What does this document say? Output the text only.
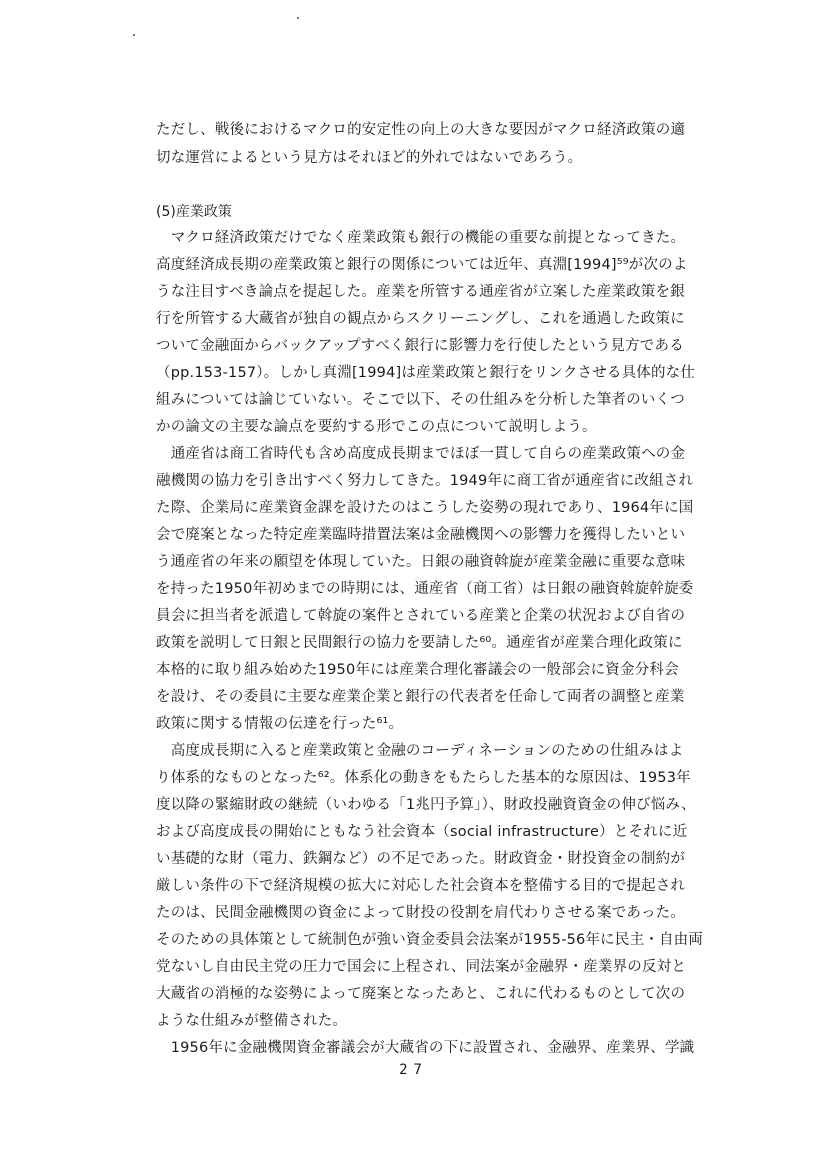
ただし、戦後におけるマクロ的安定性の向上の大きな要因がマクロ経済政策の適
切な運営によるという見方はそれほど的外れではないであろう。
(5)産業政策
　マクロ経済政策だけでなく産業政策も銀行の機能の重要な前提となってきた。
高度経済成長期の産業政策と銀行の関係については近年、真淵[1994]⁵⁹が次のよ
うな注目すべき論点を提起した。産業を所管する通産省が立案した産業政策を銀
行を所管する大蔵省が独自の観点からスクリーニングし、これを通過した政策に
ついて金融面からバックアップすべく銀行に影響力を行使したという見方である
（pp.153-157）。しかし真淵[1994]は産業政策と銀行をリンクさせる具体的な仕
組みについては論じていない。そこで以下、その仕組みを分析した筆者のいくつ
かの論文の主要な論点を要約する形でこの点について説明しよう。
　通産省は商工省時代も含め高度成長期までほぼ一貫して自らの産業政策への金
融機関の協力を引き出すべく努力してきた。1949年に商工省が通産省に改組され
た際、企業局に産業資金課を設けたのはこうした姿勢の現れであり、1964年に国
会で廃案となった特定産業臨時措置法案は金融機関への影響力を獲得したいとい
う通産省の年来の願望を体現していた。日銀の融資斡旋が産業金融に重要な意味
を持った1950年初めまでの時期には、通産省（商工省）は日銀の融資斡旋幹旋委
員会に担当者を派遣して斡旋の案件とされている産業と企業の状況および自省の
政策を説明して日銀と民間銀行の協力を要請した⁶⁰。通産省が産業合理化政策に
本格的に取り組み始めた1950年には産業合理化審議会の一般部会に資金分科会
を設け、その委員に主要な産業企業と銀行の代表者を任命して両者の調整と産業
政策に関する情報の伝達を行った⁶¹。
　高度成長期に入ると産業政策と金融のコーディネーションのための仕組みはよ
り体系的なものとなった⁶²。体系化の動きをもたらした基本的な原因は、1953年
度以降の緊縮財政の継続（いわゆる「1兆円予算」）、財政投融資資金の伸び悩み、
および高度成長の開始にともなう社会資本（social infrastructure）とそれに近
い基礎的な財（電力、鉄鋼など）の不足であった。財政資金・財投資金の制約が
厳しい条件の下で経済規模の拡大に対応した社会資本を整備する目的で提起され
たのは、民間金融機関の資金によって財投の役割を肩代わりさせる案であった。
そのための具体策として統制色が強い資金委員会法案が1955-56年に民主・自由両
党ないし自由民主党の圧力で国会に上程され、同法案が金融界・産業界の反対と
大蔵省の消極的な姿勢によって廃案となったあと、これに代わるものとして次の
ような仕組みが整備された。
　1956年に金融機関資金審議会が大蔵省の下に設置され、金融界、産業界、学識
27
